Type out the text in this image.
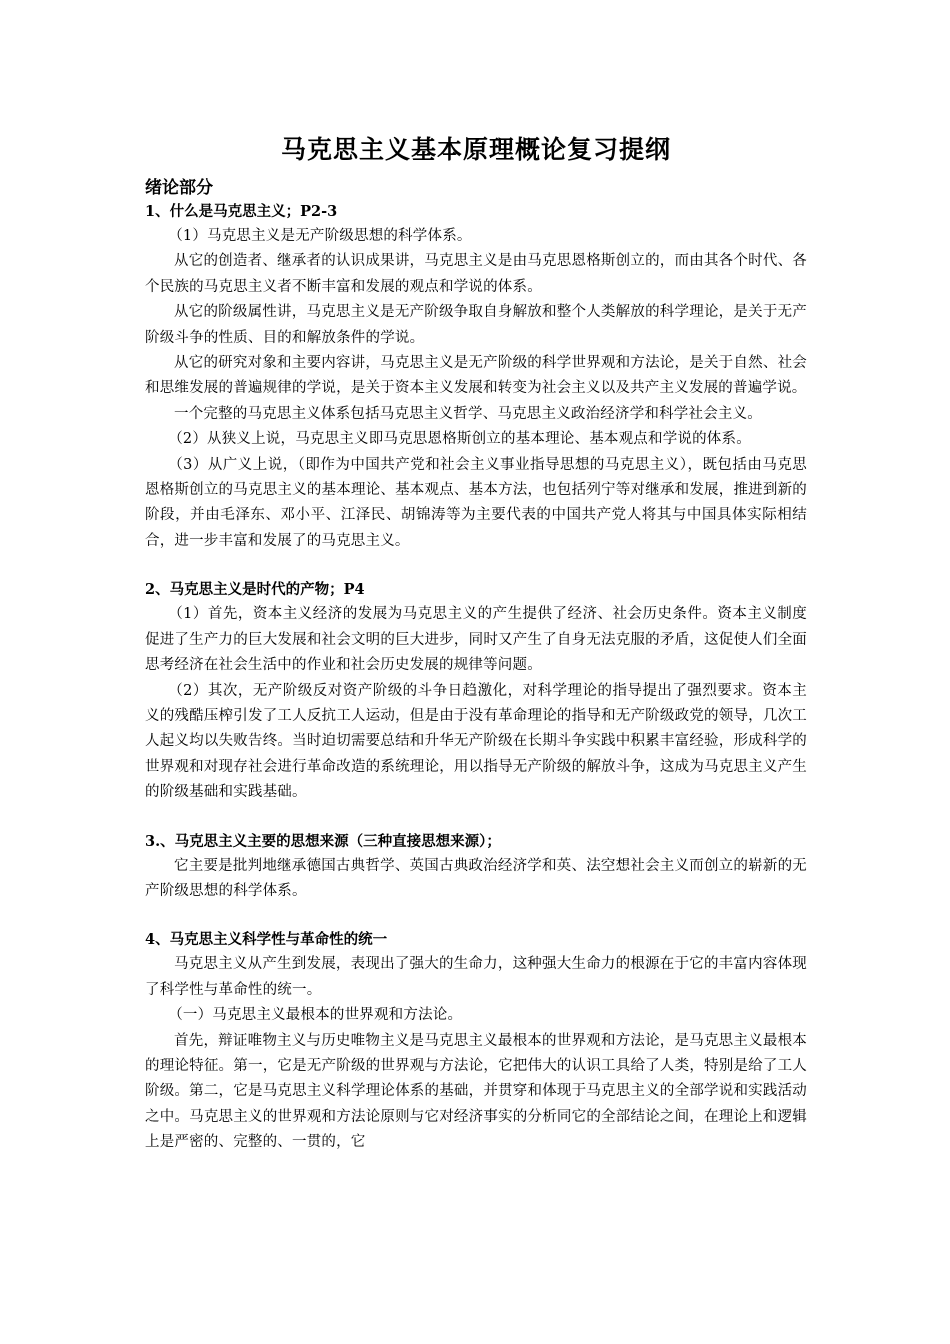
马克思主义基本原理概论复习提纲
绪论部分
1、什么是马克思主义；P2-3

（1）马克思主义是无产阶级思想的科学体系。

从它的创造者、继承者的认识成果讲，马克思主义是由马克思恩格斯创立的，而由其各个时代、各个民族的马克思主义者不断丰富和发展的观点和学说的体系。

从它的阶级属性讲，马克思主义是无产阶级争取自身解放和整个人类解放的科学理论，是关于无产阶级斗争的性质、目的和解放条件的学说。

从它的研究对象和主要内容讲，马克思主义是无产阶级的科学世界观和方法论，是关于自然、社会和思维发展的普遍规律的学说，是关于资本主义发展和转变为社会主义以及共产主义发展的普遍学说。

一个完整的马克思主义体系包括马克思主义哲学、马克思主义政治经济学和科学社会主义。

（2）从狭义上说，马克思主义即马克思恩格斯创立的基本理论、基本观点和学说的体系。

（3）从广义上说，（即作为中国共产党和社会主义事业指导思想的马克思主义），既包括由马克思恩格斯创立的马克思主义的基本理论、基本观点、基本方法，也包括列宁等对继承和发展，推进到新的阶段，并由毛泽东、邓小平、江泽民、胡锦涛等为主要代表的中国共产党人将其与中国具体实际相结合，进一步丰富和发展了的马克思主义。

2、马克思主义是时代的产物；P4

（1）首先，资本主义经济的发展为马克思主义的产生提供了经济、社会历史条件。资本主义制度促进了生产力的巨大发展和社会文明的巨大进步，同时又产生了自身无法克服的矛盾，这促使人们全面思考经济在社会生活中的作业和社会历史发展的规律等问题。

（2）其次，无产阶级反对资产阶级的斗争日趋激化，对科学理论的指导提出了强烈要求。资本主义的残酷压榨引发了工人反抗工人运动，但是由于没有革命理论的指导和无产阶级政党的领导，几次工人起义均以失败告终。当时迫切需要总结和升华无产阶级在长期斗争实践中积累丰富经验，形成科学的世界观和对现存社会进行革命改造的系统理论，用以指导无产阶级的解放斗争，这成为马克思主义产生的阶级基础和实践基础。

3.、马克思主义主要的思想来源（三种直接思想来源）；

它主要是批判地继承德国古典哲学、英国古典政治经济学和英、法空想社会主义而创立的崭新的无产阶级思想的科学体系。

4、马克思主义科学性与革命性的统一

马克思主义从产生到发展，表现出了强大的生命力，这种强大生命力的根源在于它的丰富内容体现了科学性与革命性的统一。

（一）马克思主义最根本的世界观和方法论。

首先，辩证唯物主义与历史唯物主义是马克思主义最根本的世界观和方法论，是马克思主义最根本的理论特征。第一，它是无产阶级的世界观与方法论，它把伟大的认识工具给了人类，特别是给了工人阶级。第二，它是马克思主义科学理论体系的基础，并贯穿和体现于马克思主义的全部学说和实践活动之中。马克思主义的世界观和方法论原则与它对经济事实的分析同它的全部结论之间，在理论上和逻辑上是严密的、完整的、一贯的，它
